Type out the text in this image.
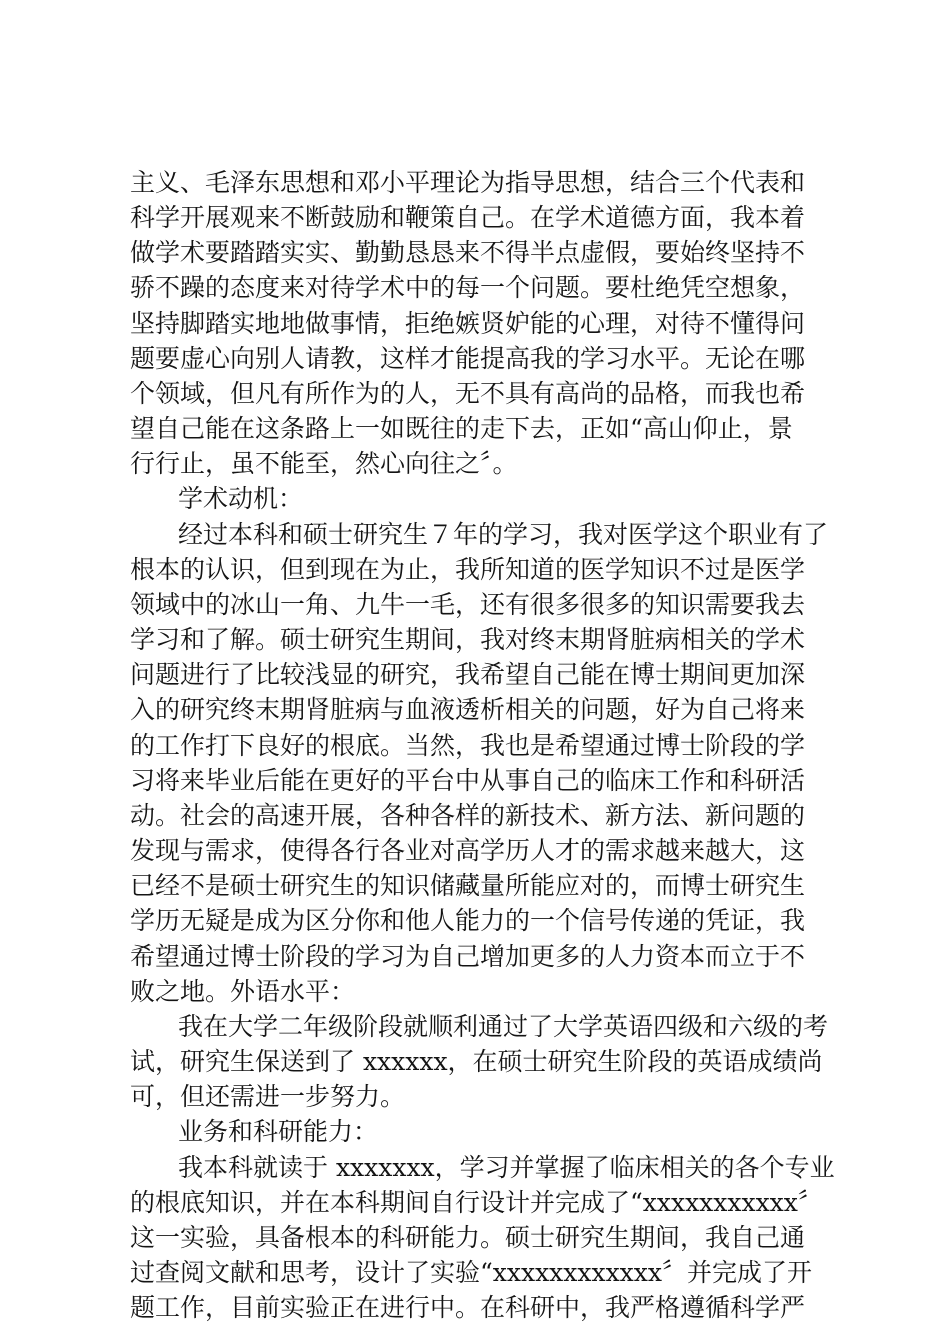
主义、毛泽东思想和邓小平理论为指导思想，结合三个代表和
科学开展观来不断鼓励和鞭策自己。在学术道德方面，我本着
做学术要踏踏实实、勤勤恳恳来不得半点虚假，要始终坚持不
骄不躁的态度来对待学术中的每一个问题。要杜绝凭空想象，
坚持脚踏实地地做事情，拒绝嫉贤妒能的心理，对待不懂得问
题要虚心向别人请教，这样才能提高我的学习水平。无论在哪
个领域，但凡有所作为的人，无不具有高尚的品格，而我也希
望自己能在这条路上一如既往的走下去，正如“高山仰止，景
行行止，虽不能至，然心向往之〞。
学术动机：
经过本科和硕士研究生７年的学习，我对医学这个职业有了
根本的认识，但到现在为止，我所知道的医学知识不过是医学
领域中的冰山一角、九牛一毛，还有很多很多的知识需要我去
学习和了解。硕士研究生期间，我对终末期肾脏病相关的学术
问题进行了比较浅显的研究，我希望自己能在博士期间更加深
入的研究终末期肾脏病与血液透析相关的问题，好为自己将来
的工作打下良好的根底。当然，我也是希望通过博士阶段的学
习将来毕业后能在更好的平台中从事自己的临床工作和科研活
动。社会的高速开展，各种各样的新技术、新方法、新问题的
发现与需求，使得各行各业对高学历人才的需求越来越大，这
已经不是硕士研究生的知识储藏量所能应对的，而博士研究生
学历无疑是成为区分你和他人能力的一个信号传递的凭证，我
希望通过博士阶段的学习为自己增加更多的人力资本而立于不
败之地。外语水平：
我在大学二年级阶段就顺利通过了大学英语四级和六级的考
试，研究生保送到了 xxxxxx，在硕士研究生阶段的英语成绩尚
可，但还需进一步努力。
业务和科研能力：
我本科就读于 xxxxxxx，学习并掌握了临床相关的各个专业
的根底知识，并在本科期间自行设计并完成了“xxxxxxxxxxx〞
这一实验，具备根本的科研能力。硕士研究生期间，我自己通
过查阅文献和思考，设计了实验“xxxxxxxxxxxx〞并完成了开
题工作，目前实验正在进行中。在科研中，我严格遵循科学严
